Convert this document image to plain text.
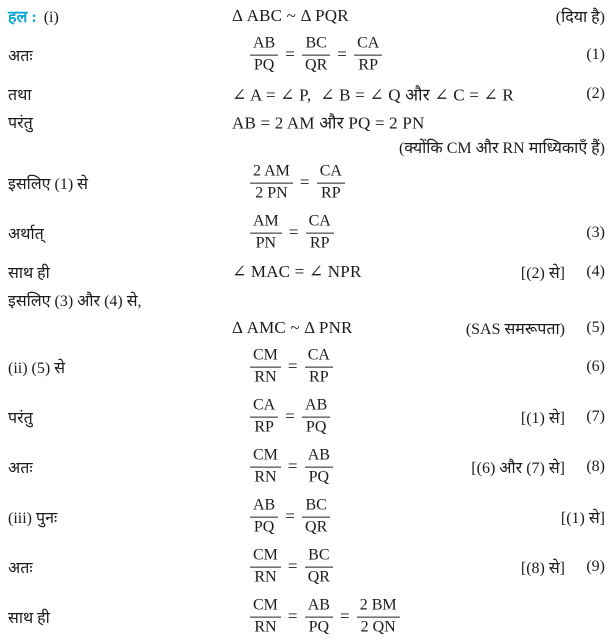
हल : (i)	Δ ABC ~ Δ PQR	(दिया है)
अतः	$\frac{AB}{PQ} = \frac{BC}{QR} = \frac{CA}{RP}$	(1)
तथा	∠ A = ∠ P,  ∠ B = ∠ Q और ∠ C = ∠ R	(2)
परंतु	AB = 2 AM और PQ = 2 PN
(क्योंकि CM और RN माध्यिकाएँ हैं)
इसलिए (1) से	$\frac{2 AM}{2 PN} = \frac{CA}{RP}$
अर्थात्	$\frac{AM}{PN} = \frac{CA}{RP}$	(3)
साथ ही	∠ MAC = ∠ NPR	[(2) से]	(4)
इसलिए (3) और (4) से,
Δ AMC ~ Δ PNR	(SAS समरूपता)	(5)
(ii) (5) से	$\frac{CM}{RN} = \frac{CA}{RP}$	(6)
परंतु	$\frac{CA}{RP} = \frac{AB}{PQ}$	[(1) से]	(7)
अतः	$\frac{CM}{RN} = \frac{AB}{PQ}$	[(6) और (7) से]	(8)
(iii) पुनः	$\frac{AB}{PQ} = \frac{BC}{QR}$	[(1) से]
अतः	$\frac{CM}{RN} = \frac{BC}{QR}$	[(8) से]	(9)
साथ ही	$\frac{CM}{RN} = \frac{AB}{PQ} = \frac{2 BM}{2 QN}$
